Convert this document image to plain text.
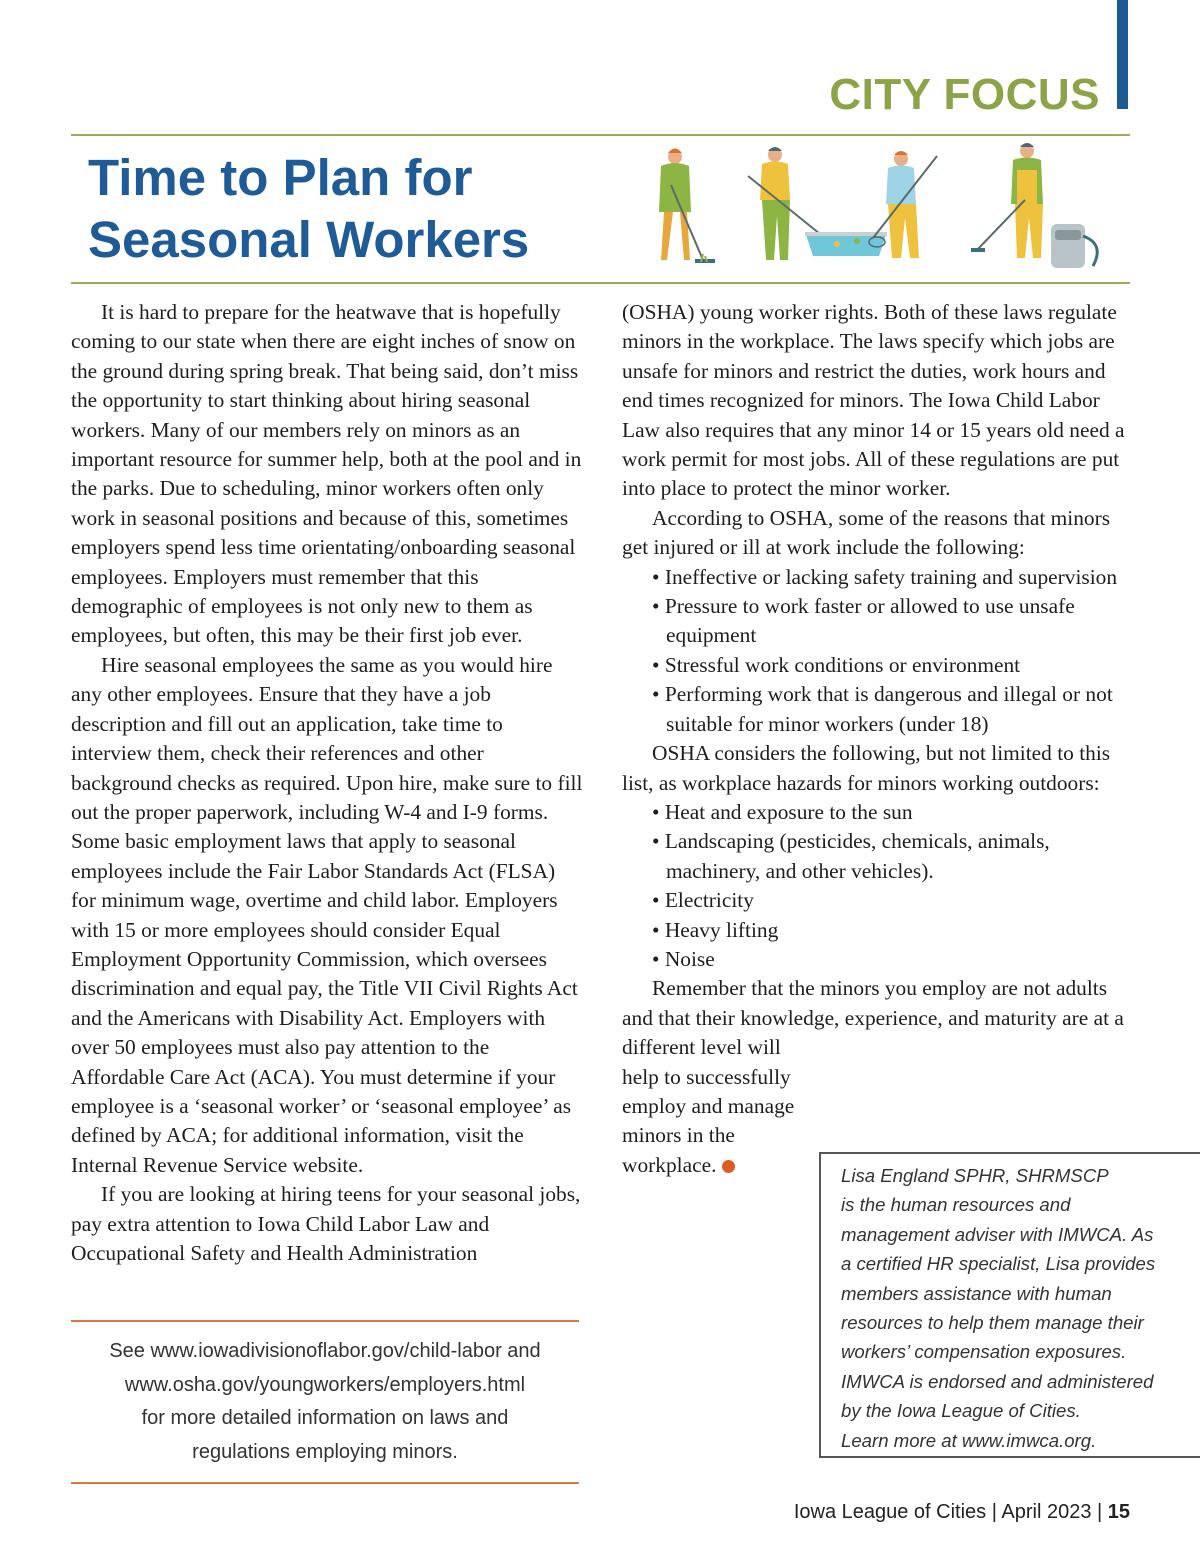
CITY FOCUS
Time to Plan for
Seasonal Workers

It is hard to prepare for the heatwave that is hopefully coming to our state when there are eight inches of snow on the ground during spring break. That being said, don’t miss the opportunity to start thinking about hiring seasonal workers. Many of our members rely on minors as an important resource for summer help, both at the pool and in the parks. Due to scheduling, minor workers often only work in seasonal positions and because of this, sometimes employers spend less time orientating/onboarding seasonal employees. Employers must remember that this demographic of employees is not only new to them as employees, but often, this may be their first job ever.

Hire seasonal employees the same as you would hire any other employees. Ensure that they have a job description and fill out an application, take time to interview them, check their references and other background checks as required. Upon hire, make sure to fill out the proper paperwork, including W-4 and I-9 forms. Some basic employment laws that apply to seasonal employees include the Fair Labor Standards Act (FLSA) for minimum wage, overtime and child labor. Employers with 15 or more employees should consider Equal Employment Opportunity Commission, which oversees discrimination and equal pay, the Title VII Civil Rights Act and the Americans with Disability Act. Employers with over 50 employees must also pay attention to the Affordable Care Act (ACA). You must determine if your employee is a ‘seasonal worker’ or ‘seasonal employee’ as defined by ACA; for additional information, visit the Internal Revenue Service website.

If you are looking at hiring teens for your seasonal jobs, pay extra attention to Iowa Child Labor Law and Occupational Safety and Health Administration

(OSHA) young worker rights. Both of these laws regulate minors in the workplace. The laws specify which jobs are unsafe for minors and restrict the duties, work hours and end times recognized for minors. The Iowa Child Labor Law also requires that any minor 14 or 15 years old need a work permit for most jobs. All of these regulations are put into place to protect the minor worker.

According to OSHA, some of the reasons that minors get injured or ill at work include the following:

• Ineffective or lacking safety training and supervision
• Pressure to work faster or allowed to use unsafe equipment
• Stressful work conditions or environment
• Performing work that is dangerous and illegal or not suitable for minor workers (under 18)

OSHA considers the following, but not limited to this list, as workplace hazards for minors working outdoors:

• Heat and exposure to the sun
• Landscaping (pesticides, chemicals, animals, machinery, and other vehicles).
• Electricity
• Heavy lifting
• Noise

Remember that the minors you employ are not adults and that their knowledge, experience, and maturity are at a

different level will help to successfully employ and manage minors in the workplace.
See www.iowadivisionoflabor.gov/child-labor and
www.osha.gov/youngworkers/employers.html
for more detailed information on laws and
regulations employing minors.
Lisa England SPHR, SHRMSCP
is the human resources and
management adviser with IMWCA. As
a certified HR specialist, Lisa provides
members assistance with human
resources to help them manage their
workers’ compensation exposures.
IMWCA is endorsed and administered
by the Iowa League of Cities.
Learn more at www.imwca.org.

Iowa League of Cities | April 2023 | 15
